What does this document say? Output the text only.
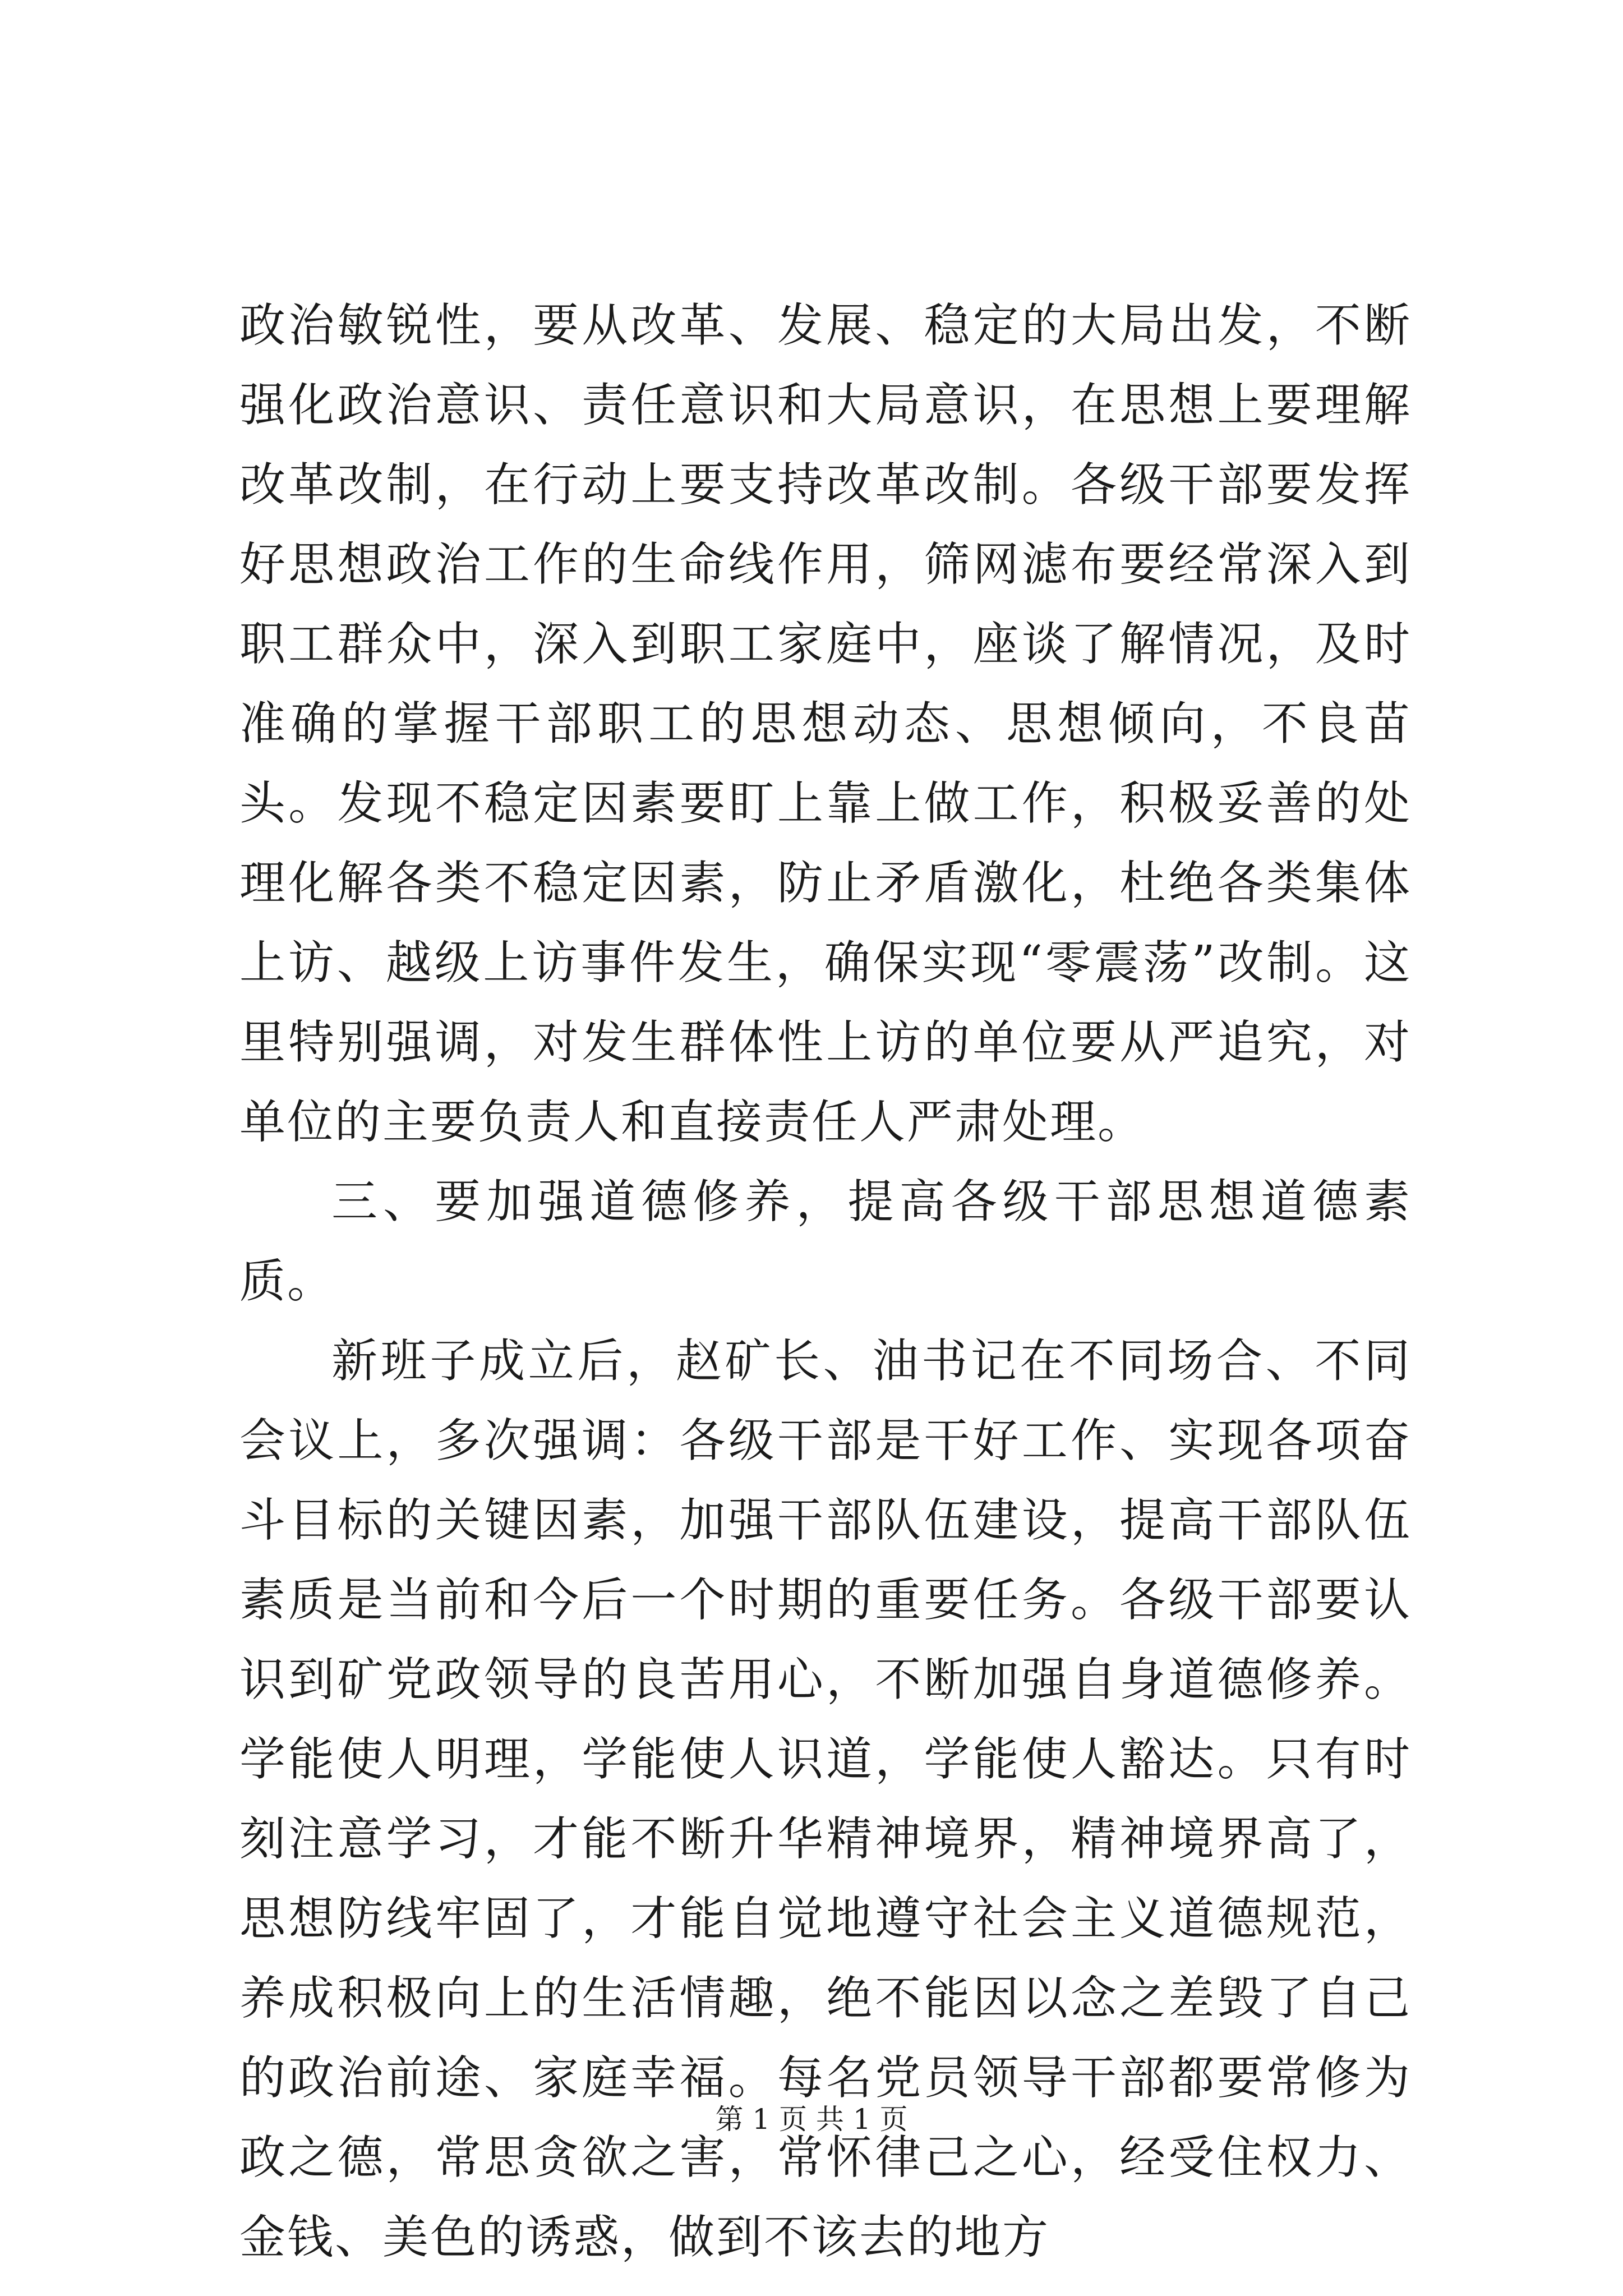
政治敏锐性，要从改革、发展、稳定的大局出发，不断强化政治意识、责任意识和大局意识，在思想上要理解改革改制，在行动上要支持改革改制。各级干部要发挥好思想政治工作的生命线作用，筛网滤布要经常深入到职工群众中，深入到职工家庭中，座谈了解情况，及时准确的掌握干部职工的思想动态、思想倾向，不良苗头。发现不稳定因素要盯上靠上做工作，积极妥善的处理化解各类不稳定因素，防止矛盾激化，杜绝各类集体上访、越级上访事件发生，确保实现“零震荡”改制。这里特别强调，对发生群体性上访的单位要从严追究，对单位的主要负责人和直接责任人严肃处理。

三、要加强道德修养，提高各级干部思想道德素质。

新班子成立后，赵矿长、油书记在不同场合、不同会议上，多次强调：各级干部是干好工作、实现各项奋斗目标的关键因素，加强干部队伍建设，提高干部队伍素质是当前和今后一个时期的重要任务。各级干部要认识到矿党政领导的良苦用心，不断加强自身道德修养。学能使人明理，学能使人识道，学能使人豁达。只有时刻注意学习，才能不断升华精神境界，精神境界高了，思想防线牢固了，才能自觉地遵守社会主义道德规范，养成积极向上的生活情趣，绝不能因以念之差毁了自己的政治前途、家庭幸福。每名党员领导干部都要常修为政之德，常思贪欲之害，常怀律己之心，经受住权力、金钱、美色的诱惑，做到不该去的地方

第 1 页 共 1 页
